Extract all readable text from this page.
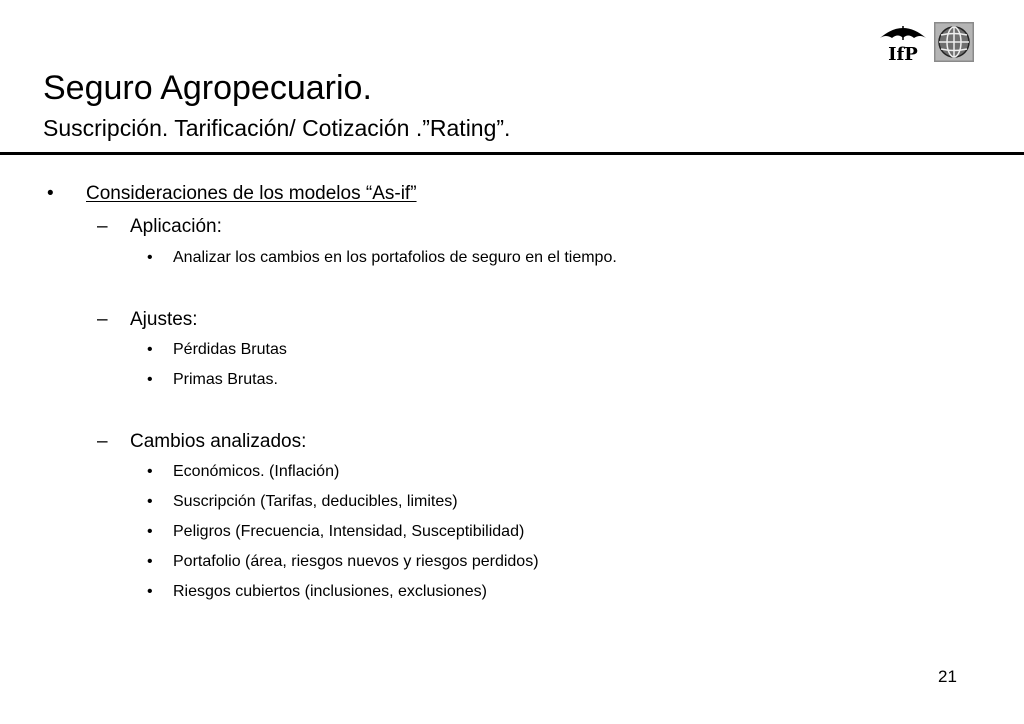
IfP
Seguro Agropecuario.
Suscripción. Tarificación/ Cotización .”Rating”.
• Consideraciones de los modelos “As-if”
– Aplicación:
• Analizar los cambios en los portafolios de seguro en el tiempo.
– Ajustes:
• Pérdidas Brutas
• Primas Brutas.
– Cambios analizados:
• Económicos. (Inflación)
• Suscripción (Tarifas, deducibles, limites)
• Peligros (Frecuencia, Intensidad, Susceptibilidad)
• Portafolio (área, riesgos nuevos y riesgos perdidos)
• Riesgos cubiertos (inclusiones, exclusiones)
21
